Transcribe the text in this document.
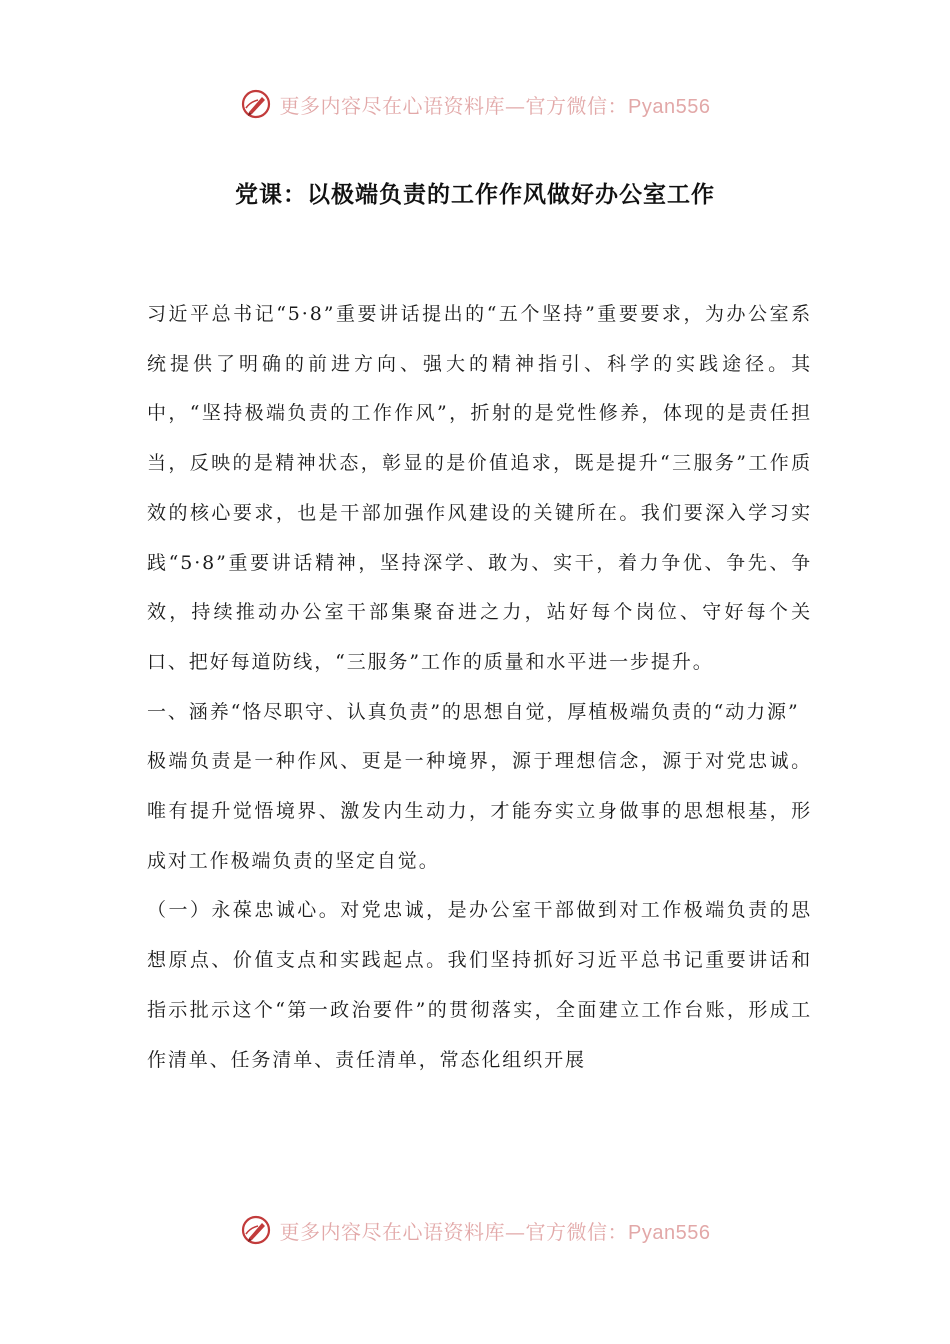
更多内容尽在心语资料库—官方微信：Pyan556
党课：以极端负责的工作作风做好办公室工作

习近平总书记“5·8”重要讲话提出的“五个坚持”重要要求，为办公室系统提供了明确的前进方向、强大的精神指引、科学的实践途径。其中，“坚持极端负责的工作作风”，折射的是党性修养，体现的是责任担当，反映的是精神状态，彰显的是价值追求，既是提升“三服务”工作质效的核心要求，也是干部加强作风建设的关键所在。我们要深入学习实践“5·8”重要讲话精神，坚持深学、敢为、实干，着力争优、争先、争效，持续推动办公室干部集聚奋进之力，站好每个岗位、守好每个关口、把好每道防线，“三服务”工作的质量和水平进一步提升。

一、涵养“恪尽职守、认真负责”的思想自觉，厚植极端负责的“动力源”

极端负责是一种作风、更是一种境界，源于理想信念，源于对党忠诚。唯有提升觉悟境界、激发内生动力，才能夯实立身做事的思想根基，形成对工作极端负责的坚定自觉。

（一）永葆忠诚心。对党忠诚，是办公室干部做到对工作极端负责的思想原点、价值支点和实践起点。我们坚持抓好习近平总书记重要讲话和指示批示这个“第一政治要件”的贯彻落实，全面建立工作台账，形成工作清单、任务清单、责任清单，常态化组织开展

更多内容尽在心语资料库—官方微信：Pyan556
